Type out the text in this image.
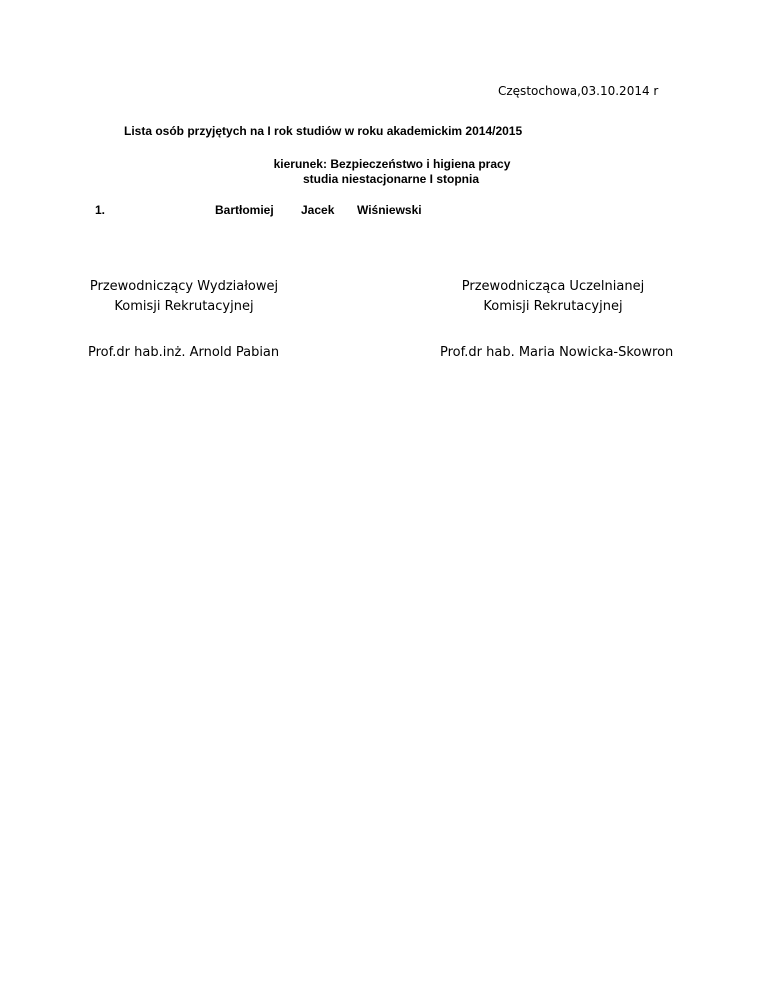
Częstochowa,03.10.2014 r
Lista osób przyjętych na I rok studiów w roku akademickim 2014/2015
kierunek: Bezpieczeństwo i higiena pracy
studia niestacjonarne I stopnia
1.	Bartłomiej Jacek Wiśniewski
Przewodniczący Wydziałowej
Komisji Rekrutacyjnej
Przewodnicząca Uczelnianej
Komisji Rekrutacyjnej
Prof.dr hab.inż. Arnold Pabian	Prof.dr hab. Maria Nowicka-Skowron
